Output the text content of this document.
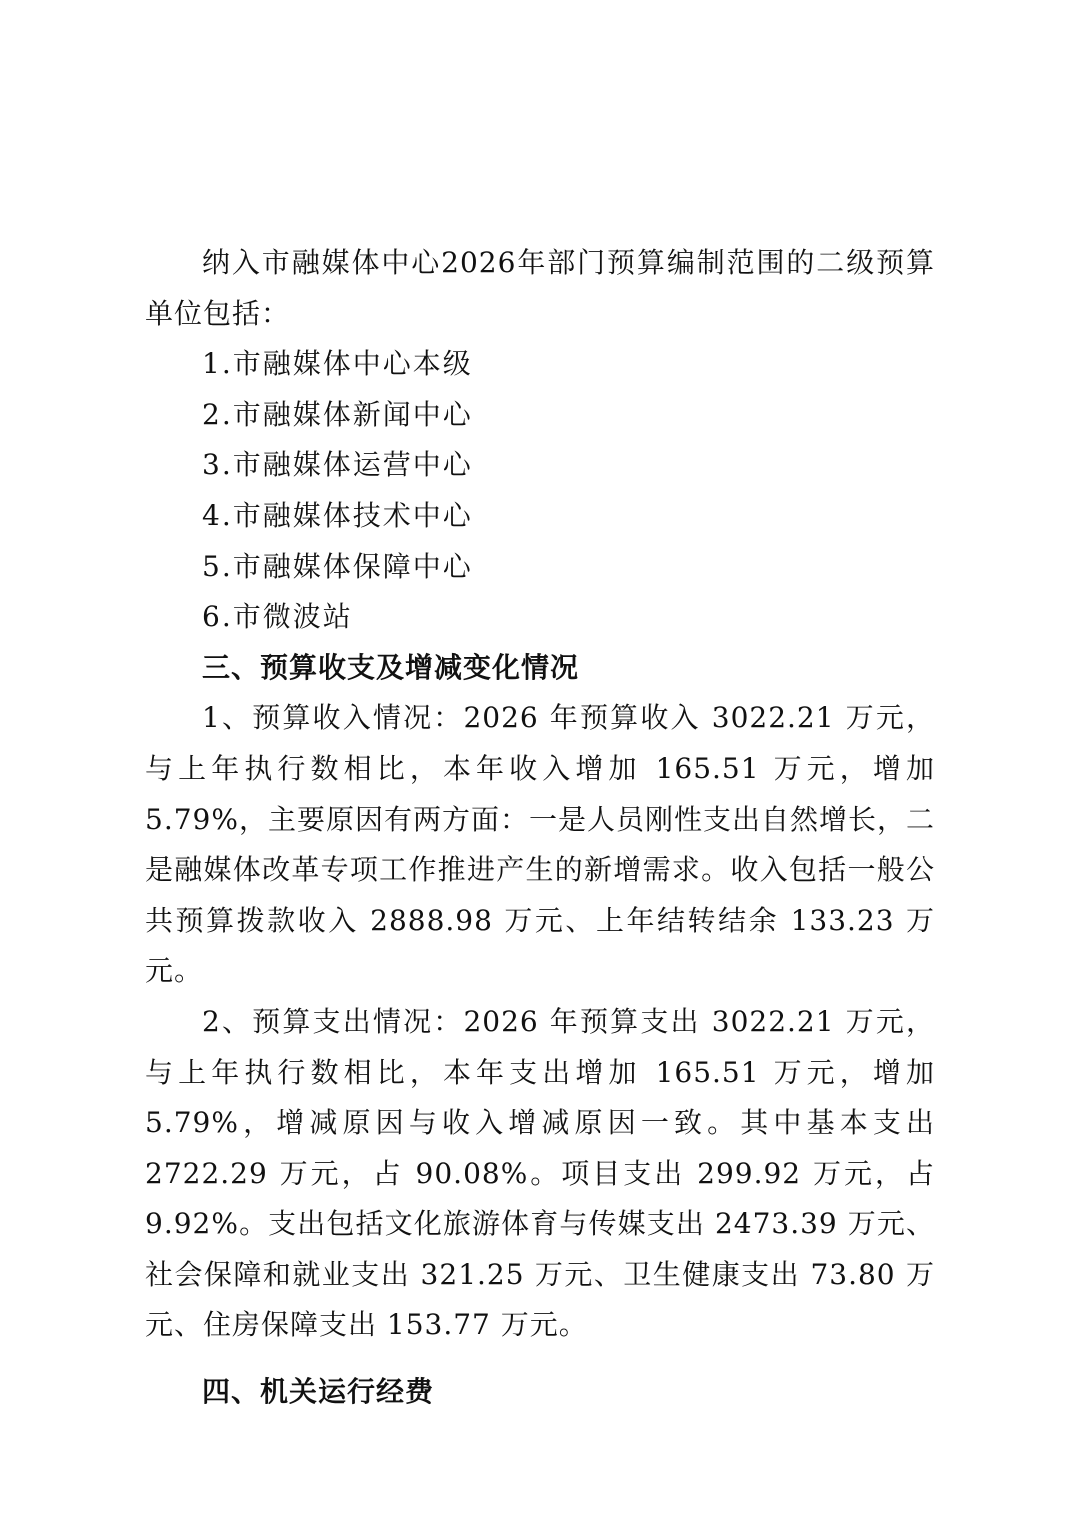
纳入市融媒体中心2026年部门预算编制范围的二级预算单位包括：

1.市融媒体中心本级

2.市融媒体新闻中心

3.市融媒体运营中心

4.市融媒体技术中心

5.市融媒体保障中心

6.市微波站

三、预算收支及增减变化情况

1、预算收入情况：2026 年预算收入 3022.21 万元，与上年执行数相比，本年收入增加 165.51 万元，增加 5.79%，主要原因有两方面：一是人员刚性支出自然增长，二是融媒体改革专项工作推进产生的新增需求。收入包括一般公共预算拨款收入 2888.98 万元、上年结转结余 133.23 万元。

2、预算支出情况：2026 年预算支出 3022.21 万元，与上年执行数相比，本年支出增加 165.51 万元，增加 5.79%，增减原因与收入增减原因一致。其中基本支出 2722.29 万元，占 90.08%。项目支出 299.92 万元，占 9.92%。支出包括文化旅游体育与传媒支出 2473.39 万元、社会保障和就业支出 321.25 万元、卫生健康支出 73.80 万元、住房保障支出 153.77 万元。

四、机关运行经费
